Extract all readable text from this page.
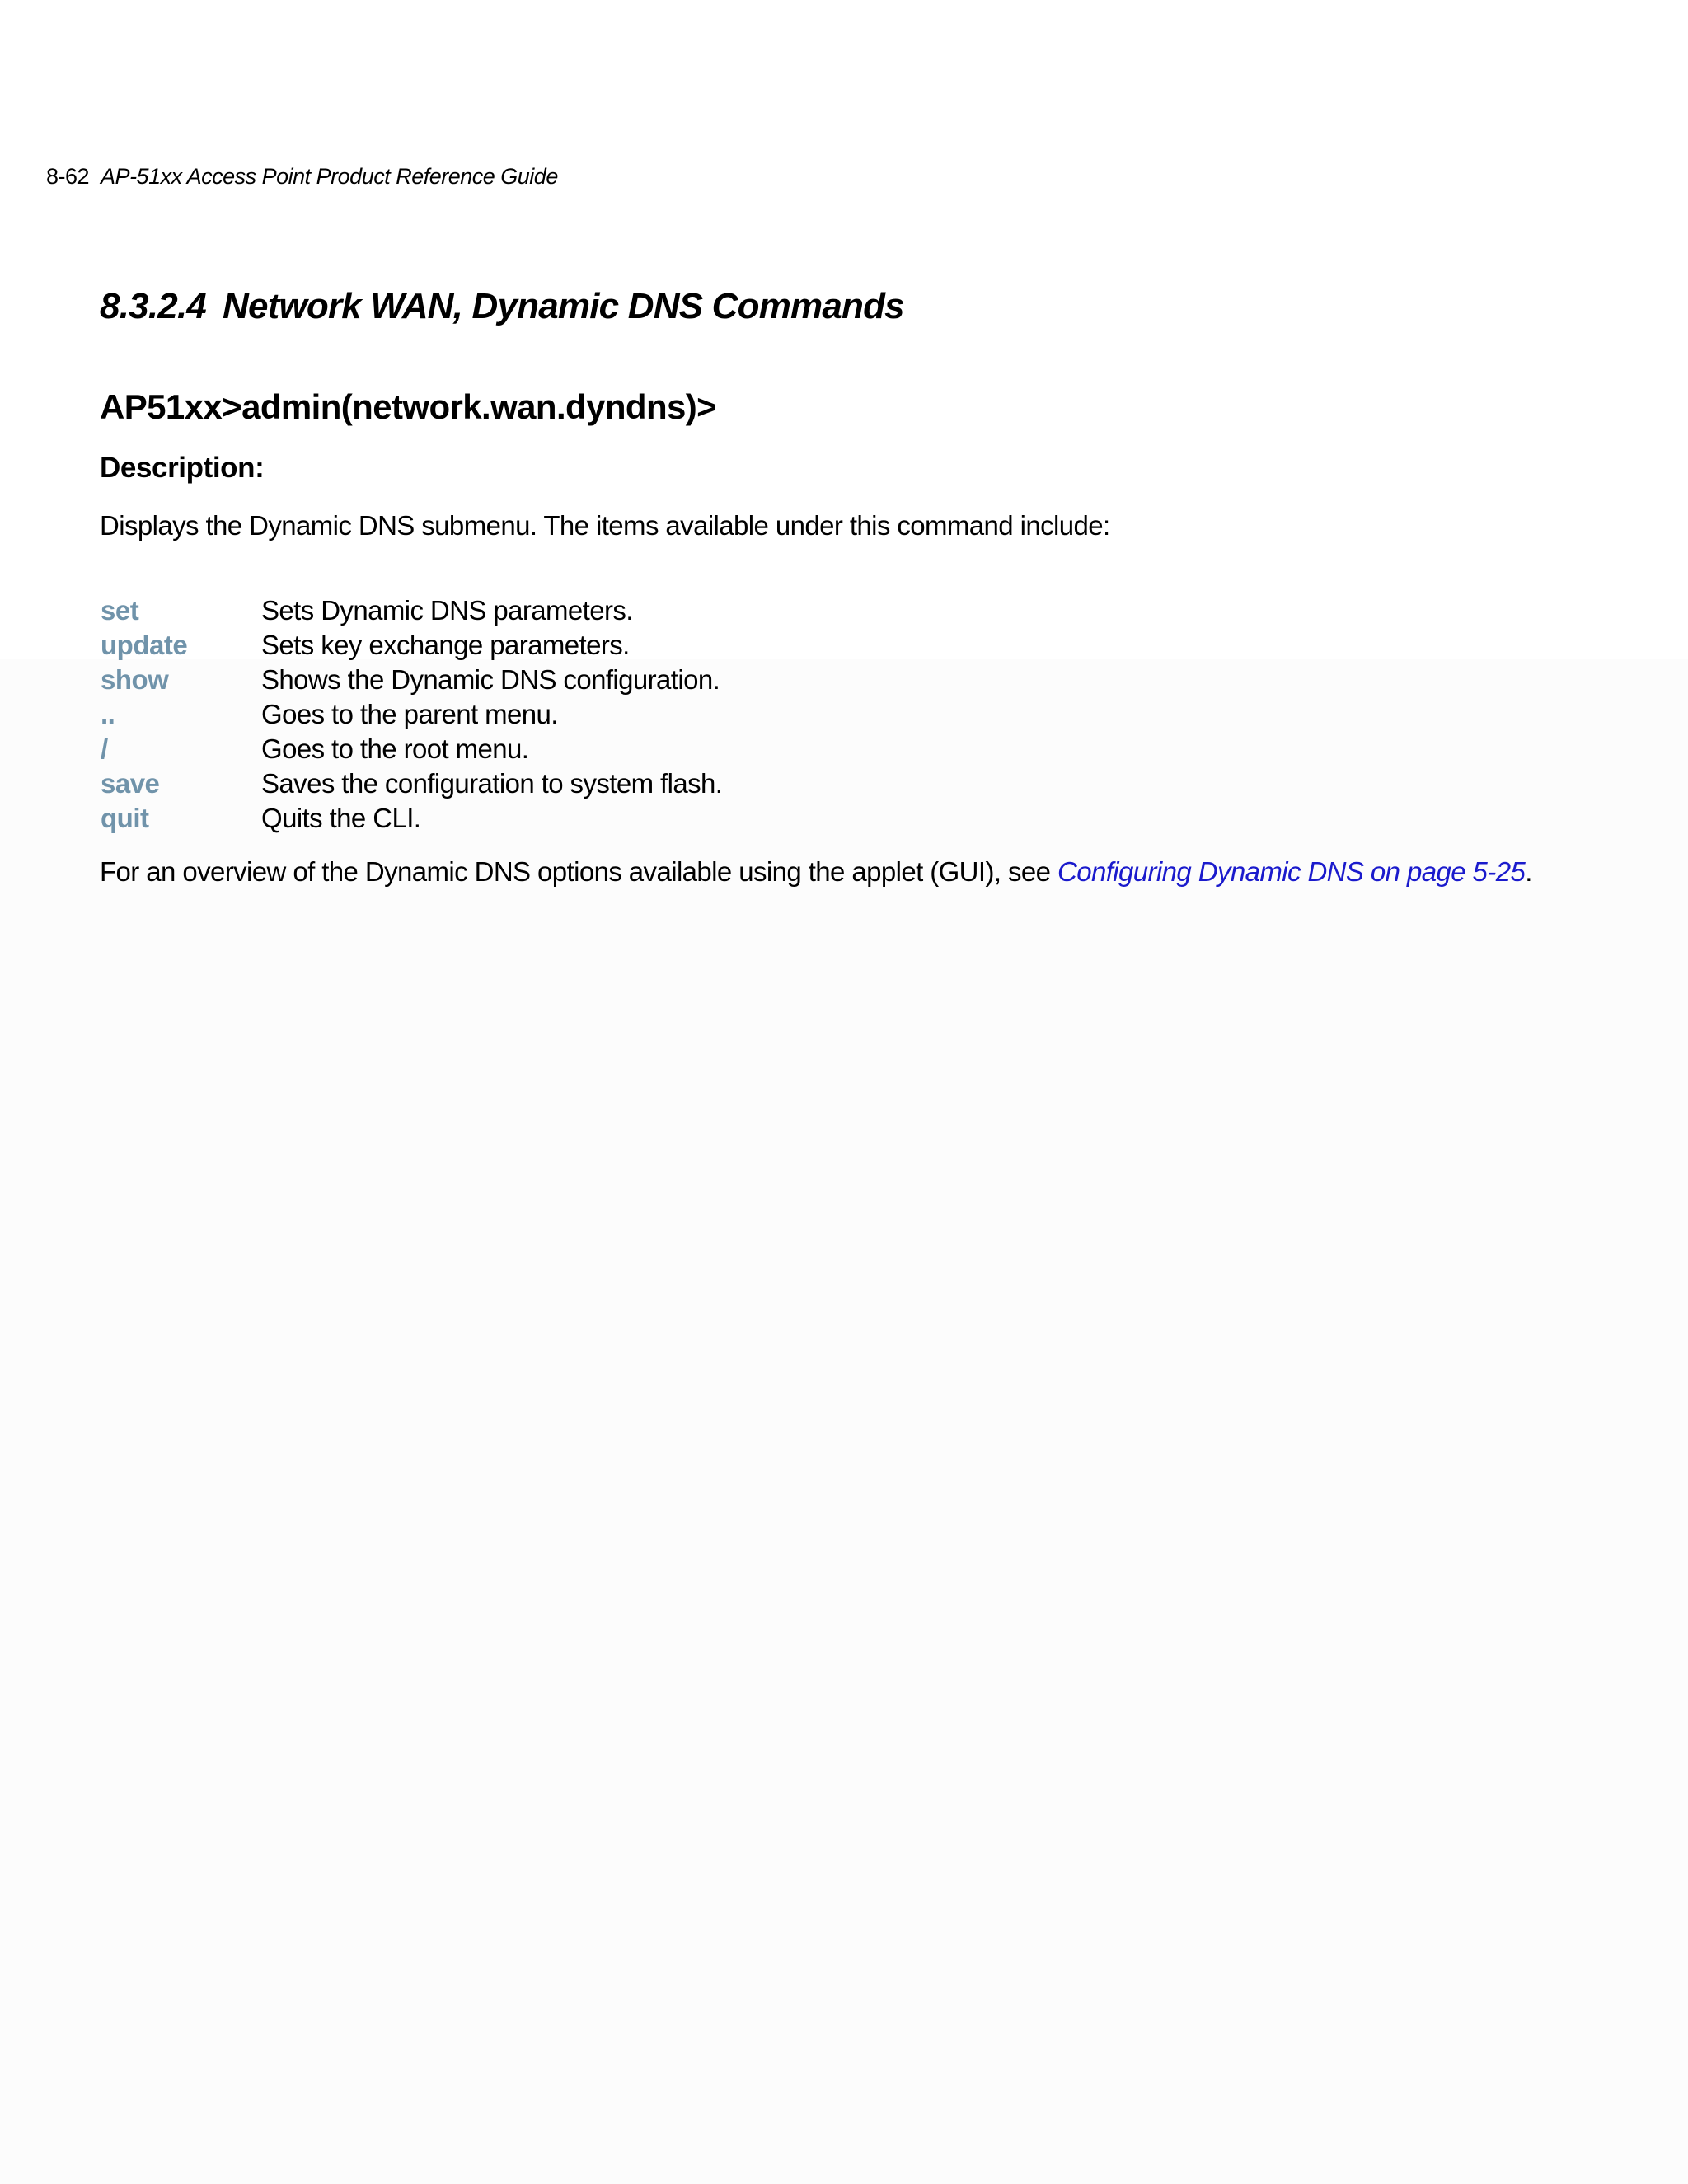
8-62 AP-51xx Access Point Product Reference Guide
8.3.2.4 Network WAN, Dynamic DNS Commands
AP51xx>admin(network.wan.dyndns)>
Description:
Displays the Dynamic DNS submenu. The items available under this command include:
set	Sets Dynamic DNS parameters.
update	Sets key exchange parameters.
show	Shows the Dynamic DNS configuration.
..	Goes to the parent menu.
/	Goes to the root menu.
save	Saves the configuration to system flash.
quit	Quits the CLI.
For an overview of the Dynamic DNS options available using the applet (GUI), see Configuring Dynamic DNS on page 5-25.
